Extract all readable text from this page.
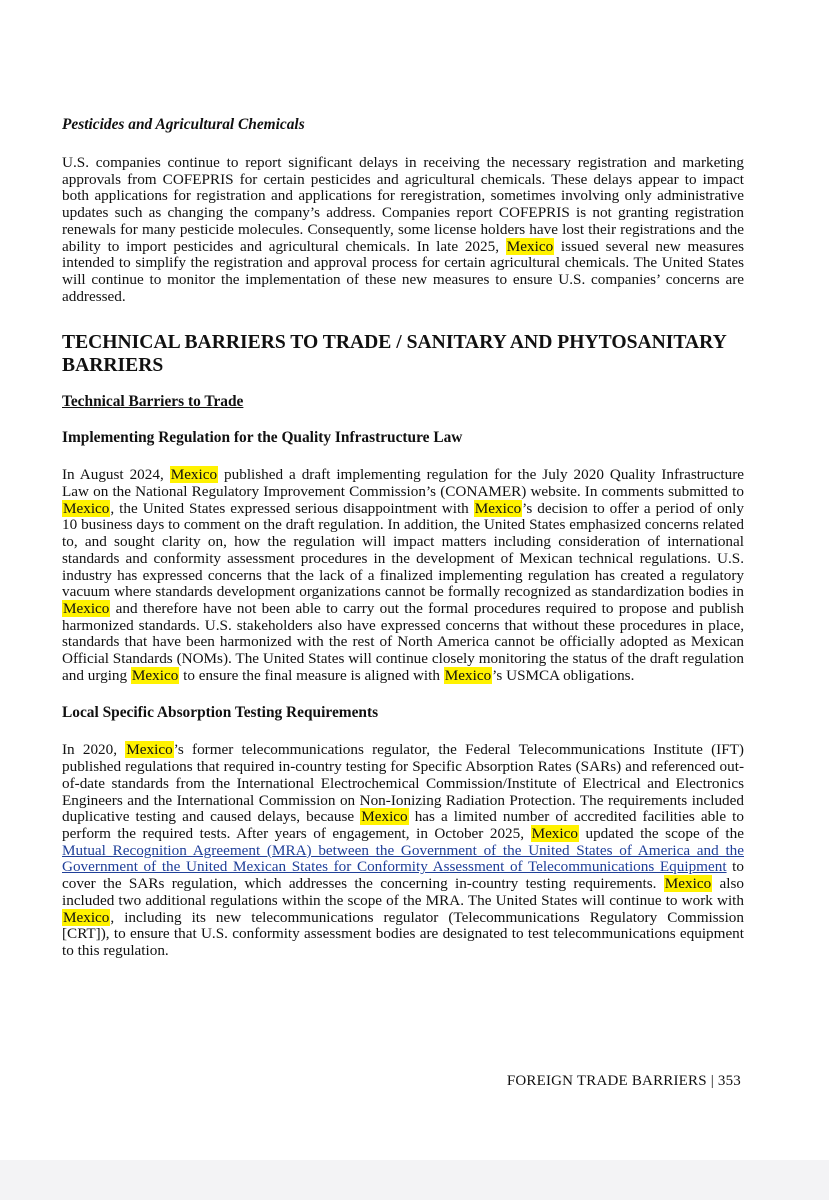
Pesticides and Agricultural Chemicals

U.S. companies continue to report significant delays in receiving the necessary registration and marketing approvals from COFEPRIS for certain pesticides and agricultural chemicals. These delays appear to impact both applications for registration and applications for reregistration, sometimes involving only administrative updates such as changing the company’s address. Companies report COFEPRIS is not granting registration renewals for many pesticide molecules. Consequently, some license holders have lost their registrations and the ability to import pesticides and agricultural chemicals. In late 2025, Mexico issued several new measures intended to simplify the registration and approval process for certain agricultural chemicals. The United States will continue to monitor the implementation of these new measures to ensure U.S. companies’ concerns are addressed.

TECHNICAL BARRIERS TO TRADE / SANITARY AND PHYTOSANITARY BARRIERS
Technical Barriers to Trade
Implementing Regulation for the Quality Infrastructure Law

In August 2024, Mexico published a draft implementing regulation for the July 2020 Quality Infrastructure Law on the National Regulatory Improvement Commission’s (CONAMER) website. In comments submitted to Mexico, the United States expressed serious disappointment with Mexico’s decision to offer a period of only 10 business days to comment on the draft regulation. In addition, the United States emphasized concerns related to, and sought clarity on, how the regulation will impact matters including consideration of international standards and conformity assessment procedures in the development of Mexican technical regulations. U.S. industry has expressed concerns that the lack of a finalized implementing regulation has created a regulatory vacuum where standards development organizations cannot be formally recognized as standardization bodies in Mexico and therefore have not been able to carry out the formal procedures required to propose and publish harmonized standards. U.S. stakeholders also have expressed concerns that without these procedures in place, standards that have been harmonized with the rest of North America cannot be officially adopted as Mexican Official Standards (NOMs). The United States will continue closely monitoring the status of the draft regulation and urging Mexico to ensure the final measure is aligned with Mexico’s USMCA obligations.

Local Specific Absorption Testing Requirements

In 2020, Mexico’s former telecommunications regulator, the Federal Telecommunications Institute (IFT) published regulations that required in-country testing for Specific Absorption Rates (SARs) and referenced out-of-date standards from the International Electrochemical Commission/Institute of Electrical and Electronics Engineers and the International Commission on Non-Ionizing Radiation Protection. The requirements included duplicative testing and caused delays, because Mexico has a limited number of accredited facilities able to perform the required tests. After years of engagement, in October 2025, Mexico updated the scope of the Mutual Recognition Agreement (MRA) between the Government of the United States of America and the Government of the United Mexican States for Conformity Assessment of Telecommunications Equipment to cover the SARs regulation, which addresses the concerning in-country testing requirements. Mexico also included two additional regulations within the scope of the MRA. The United States will continue to work with Mexico, including its new telecommunications regulator (Telecommunications Regulatory Commission [CRT]), to ensure that U.S. conformity assessment bodies are designated to test telecommunications equipment to this regulation.

FOREIGN TRADE BARRIERS | 353
